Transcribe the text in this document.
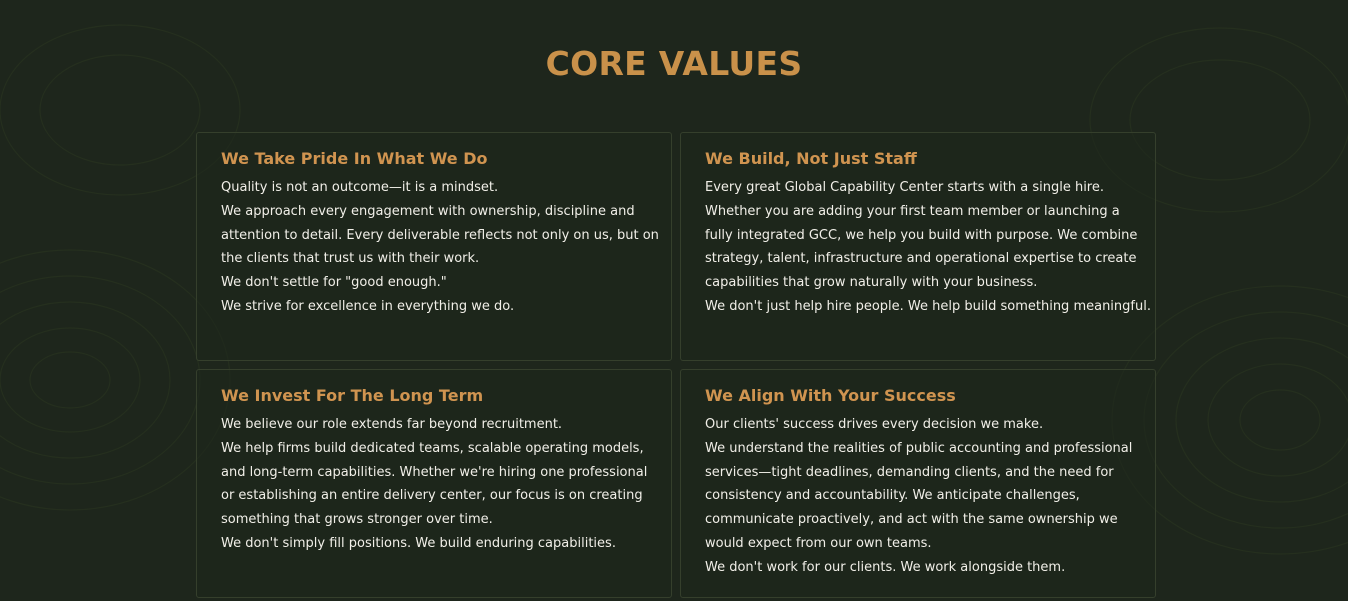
CORE VALUES
We Take Pride In What We Do

Quality is not an outcome—it is a mindset.
We approach every engagement with ownership, discipline and
attention to detail. Every deliverable reflects not only on us, but on
the clients that trust us with their work.
We don't settle for "good enough."
We strive for excellence in everything we do.

We Build, Not Just Staff

Every great Global Capability Center starts with a single hire.
Whether you are adding your first team member or launching a
fully integrated GCC, we help you build with purpose. We combine
strategy, talent, infrastructure and operational expertise to create
capabilities that grow naturally with your business.
We don't just help hire people. We help build something meaningful.

We Invest For The Long Term

We believe our role extends far beyond recruitment.
We help firms build dedicated teams, scalable operating models,
and long-term capabilities. Whether we're hiring one professional
or establishing an entire delivery center, our focus is on creating
something that grows stronger over time.
We don't simply fill positions. We build enduring capabilities.

We Align With Your Success

Our clients' success drives every decision we make.
We understand the realities of public accounting and professional
services—tight deadlines, demanding clients, and the need for
consistency and accountability. We anticipate challenges,
communicate proactively, and act with the same ownership we
would expect from our own teams.
We don't work for our clients. We work alongside them.
